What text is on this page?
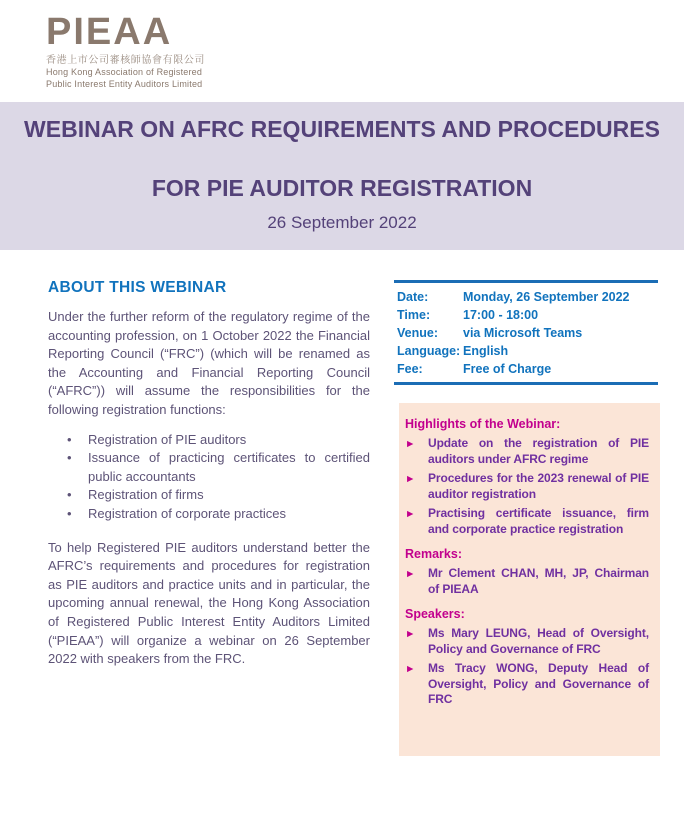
PIEAA
香港上市公司審核師協會有限公司
Hong Kong Association of Registered
Public Interest Entity Auditors Limited
WEBINAR ON AFRC REQUIREMENTS AND PROCEDURES
FOR PIE AUDITOR REGISTRATION
26 September 2022
ABOUT THIS WEBINAR

Under the further reform of the regulatory regime of the accounting profession, on 1 October 2022 the Financial Reporting Council (“FRC”) (which will be renamed as the Accounting and Financial Reporting Council (“AFRC”)) will assume the responsibilities for the following registration functions:

•	Registration of PIE auditors
•	Issuance of practicing certificates to certified public accountants
•	Registration of firms
•	Registration of corporate practices

To help Registered PIE auditors understand better the AFRC’s requirements and procedures for registration as PIE auditors and practice units and in particular, the upcoming annual renewal, the Hong Kong Association of Registered Public Interest Entity Auditors Limited (“PIEAA”) will organize a webinar on 26 September 2022 with speakers from the FRC.

Date:	Monday, 26 September 2022
Time:	17:00 - 18:00
Venue:	via Microsoft Teams
Language: English
Fee:	Free of Charge
Highlights of the Webinar:
►	Update on the registration of PIE auditors under AFRC regime
►	Procedures for the 2023 renewal of PIE auditor registration
►	Practising certificate issuance, firm and corporate practice registration
Remarks:
►	Mr Clement CHAN, MH, JP, Chairman of PIEAA
Speakers:
►	Ms Mary LEUNG, Head of Oversight, Policy and Governance of FRC
►	Ms Tracy WONG, Deputy Head of Oversight, Policy and Governance of FRC
